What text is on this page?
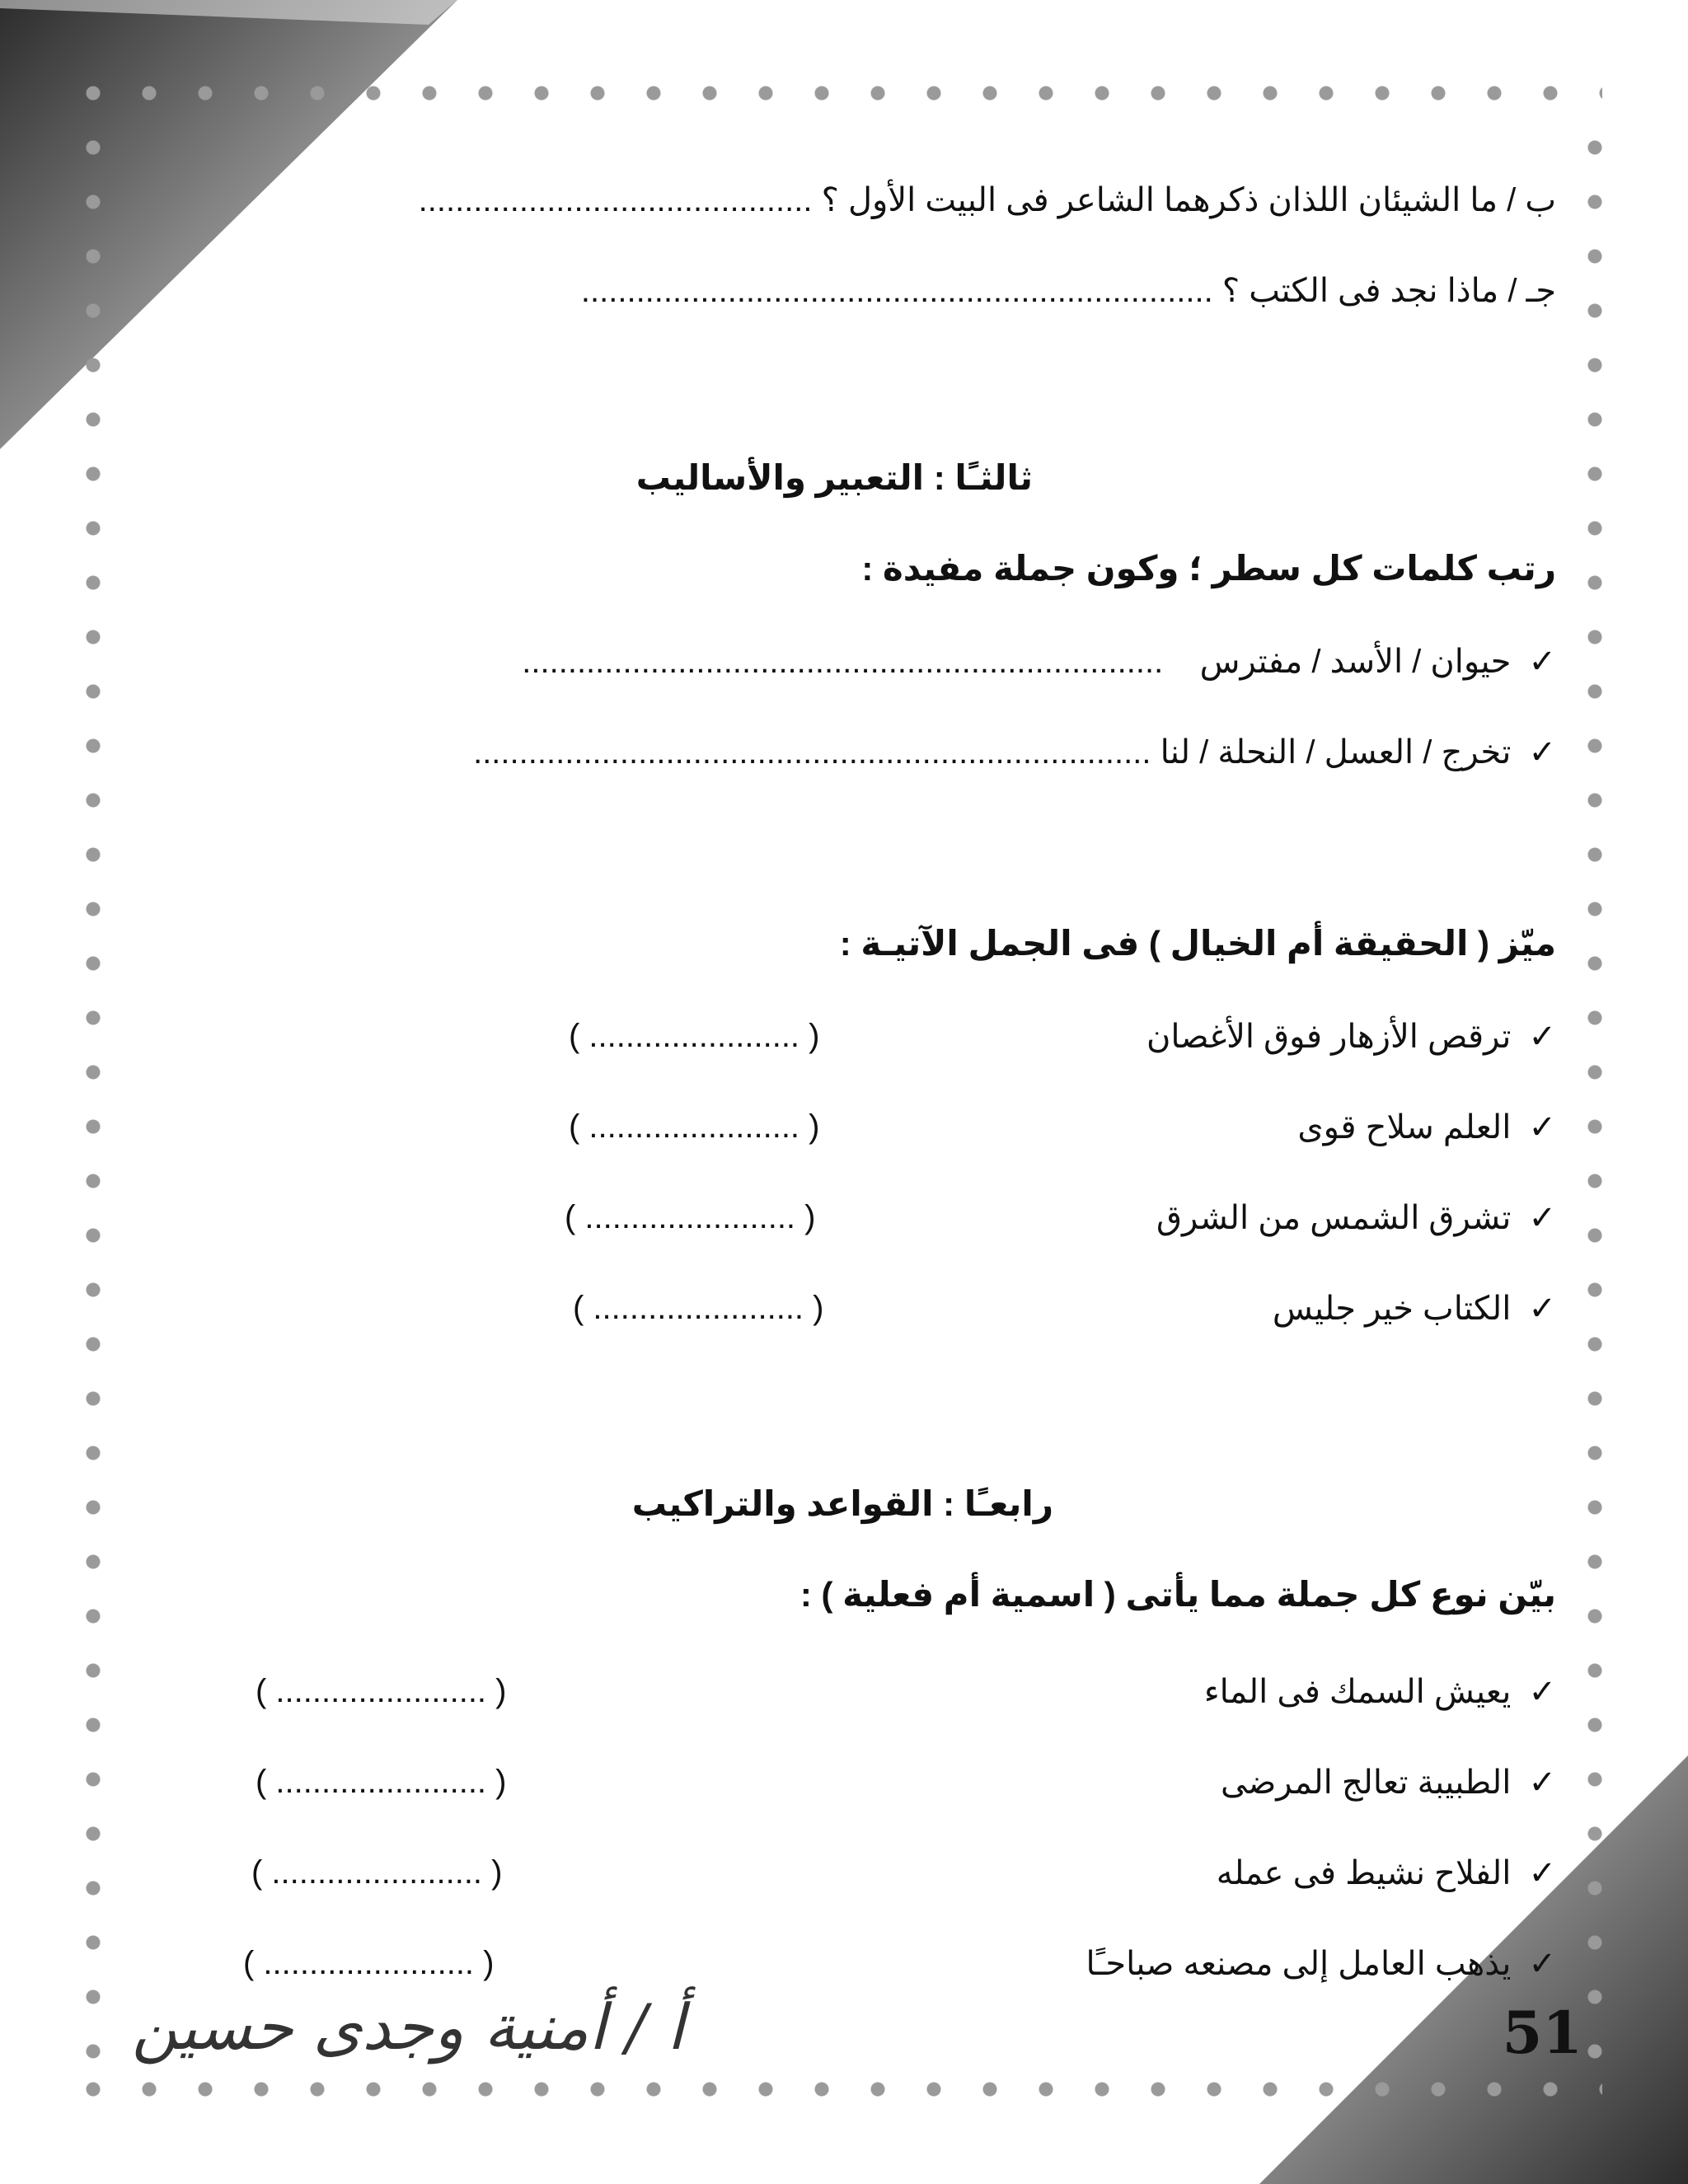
ب / ما الشيئان اللذان ذكرهما الشاعر فى البيت الأول ؟ ...........................................
جـ / ماذا نجد فى الكتب ؟ .....................................................................
ثالثـًا : التعبير والأساليب
رتب كلمات كل سطر ؛ وكون جملة مفيدة :
✓ حيوان / الأسد / مفترس    ......................................................................
✓ تخرج / العسل / النحلة / لنا ..........................................................................
ميّز ( الحقيقة أم الخيال ) فى الجمل الآتيـة :
✓ ترقص الأزهار فوق الأغصان
( ....................... )
✓ العلم سلاح قوى
( ....................... )
✓ تشرق الشمس من الشرق
( ....................... )
✓ الكتاب خير جليس
( ....................... )
رابعـًا : القواعد والتراكيب
بيّن نوع كل جملة مما يأتى ( اسمية أم فعلية ) :
✓ يعيش السمك فى الماء
( ....................... )
✓ الطبيبة تعالج المرضى
( ....................... )
✓ الفلاح نشيط فى عمله
( ....................... )
✓ يذهب العامل إلى مصنعه صباحـًا
( ....................... )
أ / أمنية وجدى حسين	51
